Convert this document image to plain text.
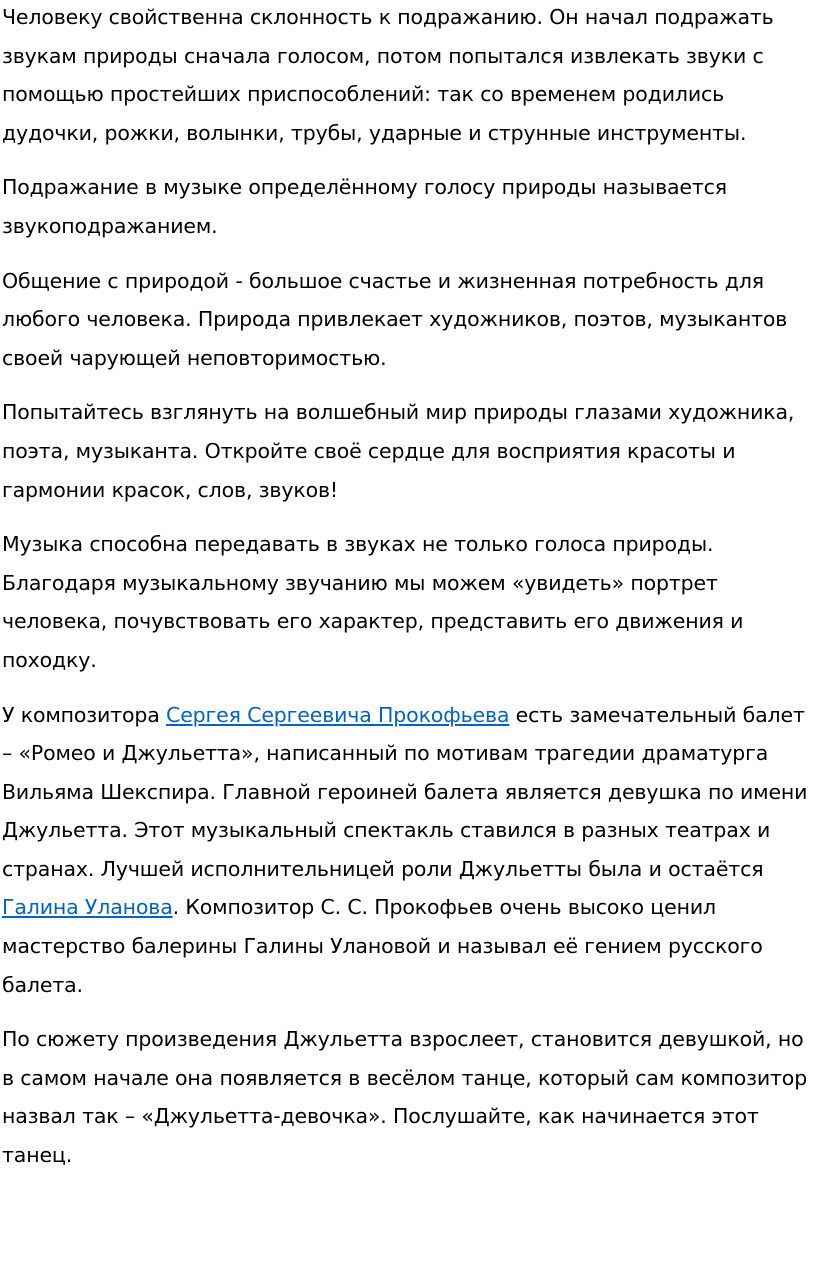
Человеку свойственна склонность к подражанию. Он начал подражать звукам природы сначала голосом, потом попытался извлекать звуки с помощью простейших приспособлений: так со временем родились дудочки, рожки, волынки, трубы, ударные и струнные инструменты.

Подражание в музыке определённому голосу природы называется звукоподражанием.

Общение с природой - большое счастье и жизненная потребность для любого человека. Природа привлекает художников, поэтов, музыкантов своей чарующей неповторимостью.

Попытайтесь взглянуть на волшебный мир природы глазами художника, поэта, музыканта. Откройте своё сердце для восприятия красоты и гармонии красок, слов, звуков!

Музыка способна передавать в звуках не только голоса природы. Благодаря музыкальному звучанию мы можем «увидеть» портрет человека, почувствовать его характер, представить его движения и походку.

У композитора Сергея Сергеевича Прокофьева есть замечательный балет – «Ромео и Джульетта», написанный по мотивам трагедии драматурга Вильяма Шекспира. Главной героиней балета является девушка по имени Джульетта. Этот музыкальный спектакль ставился в разных театрах и странах. Лучшей исполнительницей роли Джульетты была и остаётся Галина Уланова. Композитор С. С. Прокофьев очень высоко ценил мастерство балерины Галины Улановой и называл её гением русского балета.

По сюжету произведения Джульетта взрослеет, становится девушкой, но в самом начале она появляется в весёлом танце, который сам композитор назвал так – «Джульетта-девочка». Послушайте, как начинается этот танец.
